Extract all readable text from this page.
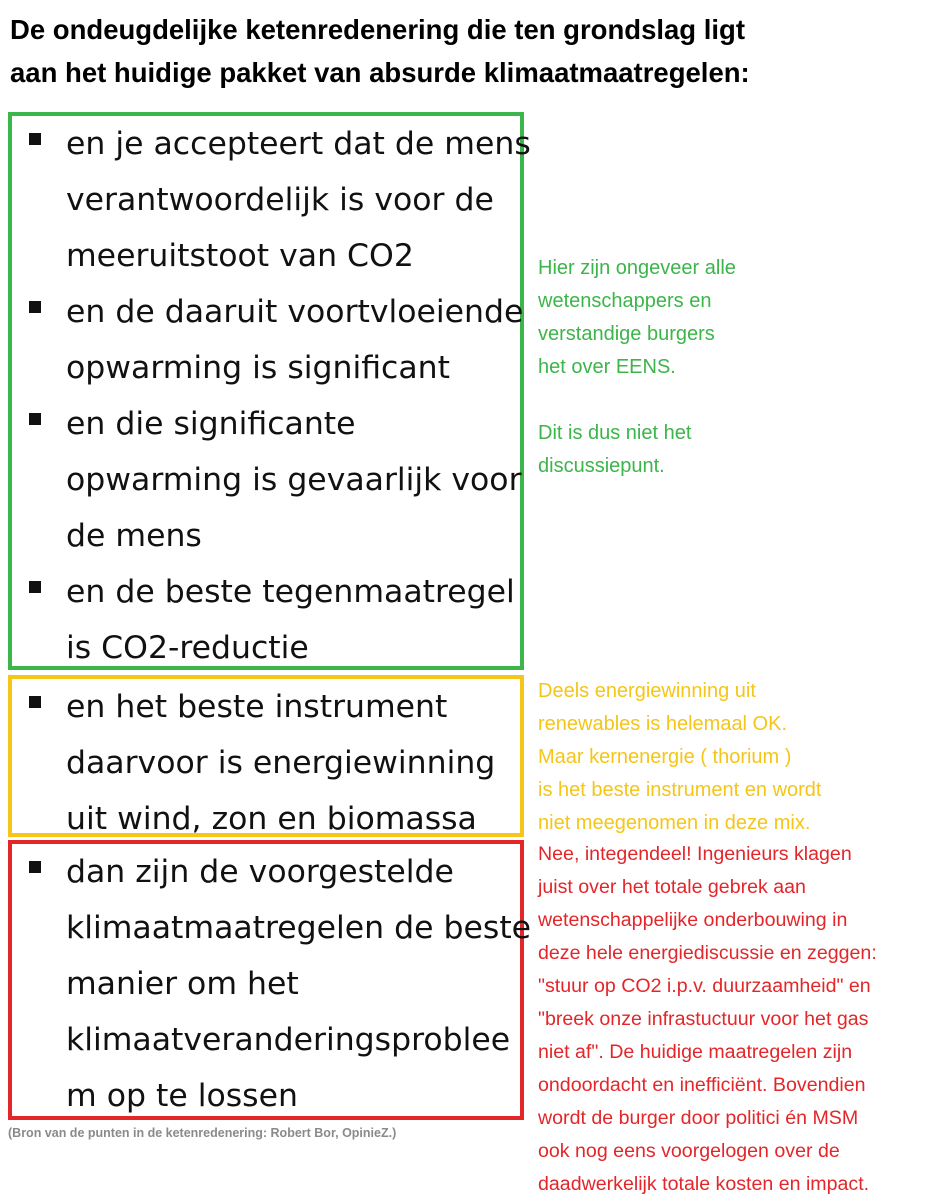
De ondeugdelijke ketenredenering die ten grondslag ligt
aan het huidige pakket van absurde klimaatmaatregelen:
en je accepteert dat de mens
verantwoordelijk is voor de
meeruitstoot van CO2
en de daaruit voortvloeiende
opwarming is significant
en die significante
opwarming is gevaarlijk voor
de mens
en de beste tegenmaatregel
is CO2-reductie
en het beste instrument
daarvoor is energiewinning
uit wind, zon en biomassa
dan zijn de voorgestelde
klimaatmaatregelen de beste
manier om het
klimaatveranderingsproblee
m op te lossen
Hier zijn ongeveer alle
wetenschappers en
verstandige burgers
het over EENS.
Dit is dus niet het
discussiepunt.
Deels energiewinning uit
renewables is helemaal OK.
Maar kernenergie ( thorium )
is het beste instrument en wordt
niet meegenomen in deze mix.
Nee, integendeel! Ingenieurs klagen
juist over het totale gebrek aan
wetenschappelijke onderbouwing in
deze hele energiediscussie en zeggen:
"stuur op CO2 i.p.v. duurzaamheid" en
"breek onze infrastuctuur voor het gas
niet af". De huidige maatregelen zijn
ondoordacht en inefficiënt. Bovendien
wordt de burger door politici én MSM
ook nog eens voorgelogen over de
daadwerkelijk totale kosten en impact.
(Bron van de punten in de ketenredenering: Robert Bor, OpinieZ.)
